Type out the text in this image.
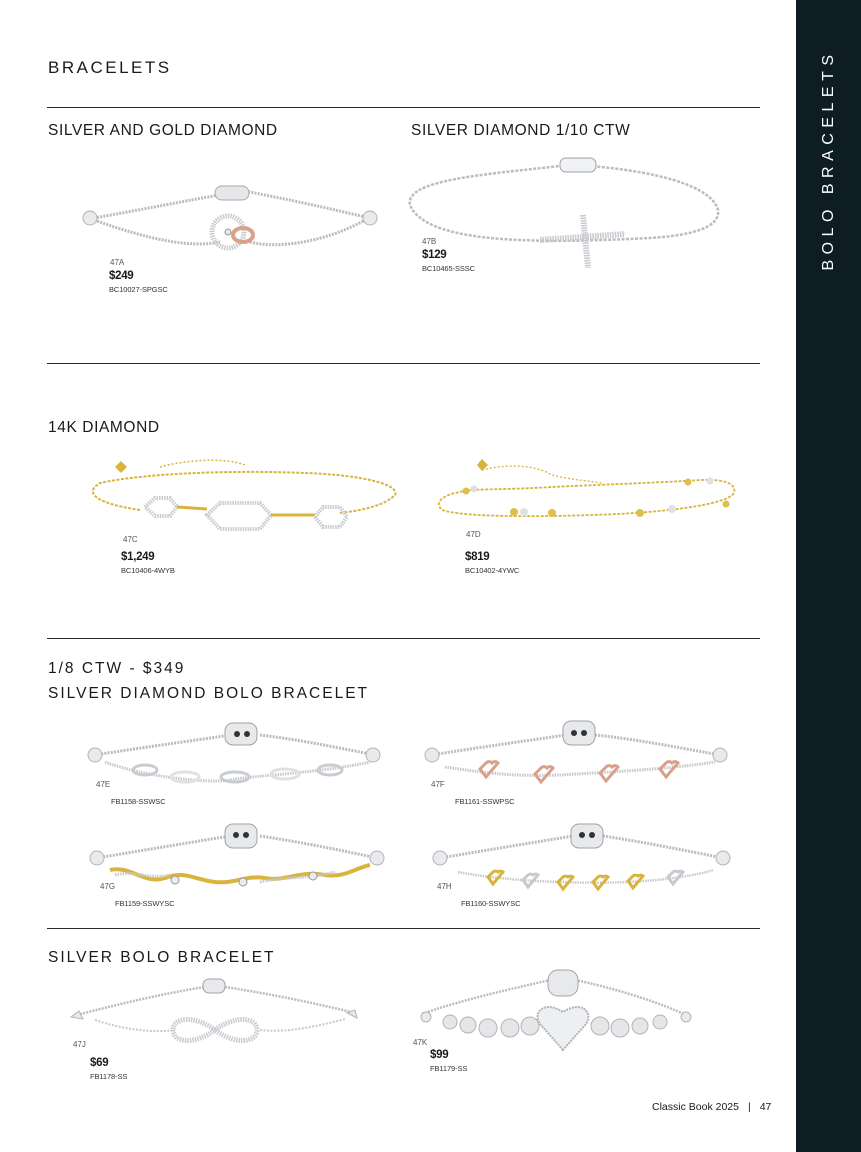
BOLO BRACELETS
BRACELETS
SILVER AND GOLD DIAMOND	SILVER DIAMOND 1/10 CTW
47A
$249
BC10027-SPGSC
47B
$129
BC10465-SSSC
14K DIAMOND
47C
$1,249
BC10406-4WYB
47D
$819
BC10402-4YWC
1/8 CTW - $349
SILVER DIAMOND BOLO BRACELET
47E
FB1158-SSWSC
47F
FB1161-SSWPSC
47G
FB1159-SSWYSC
47H
FB1160-SSWYSC
SILVER BOLO BRACELET
47J
$69
FB1178-SS
47K
$99
FB1179-SS
Classic Book 2025 | 47
